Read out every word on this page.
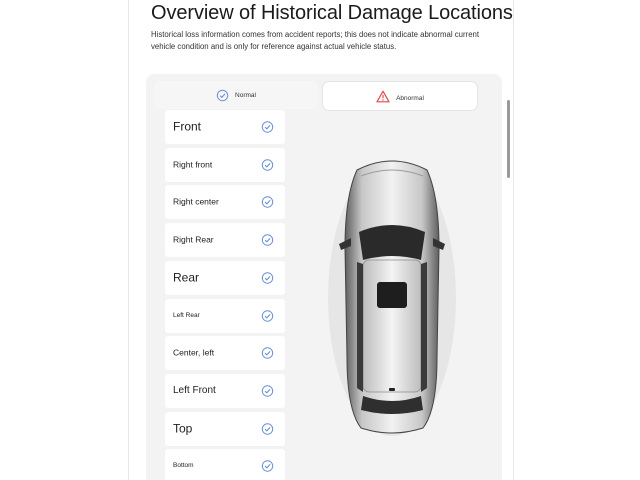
Overview of Historical Damage Locations
Historical loss information comes from accident reports; this does not indicate abnormal current vehicle condition and is only for reference against actual vehicle status.
Normal	Abnormal
Front
Right front
Right center
Right Rear
Rear
Left Rear
Center, left
Left Front
Top
Bottom
